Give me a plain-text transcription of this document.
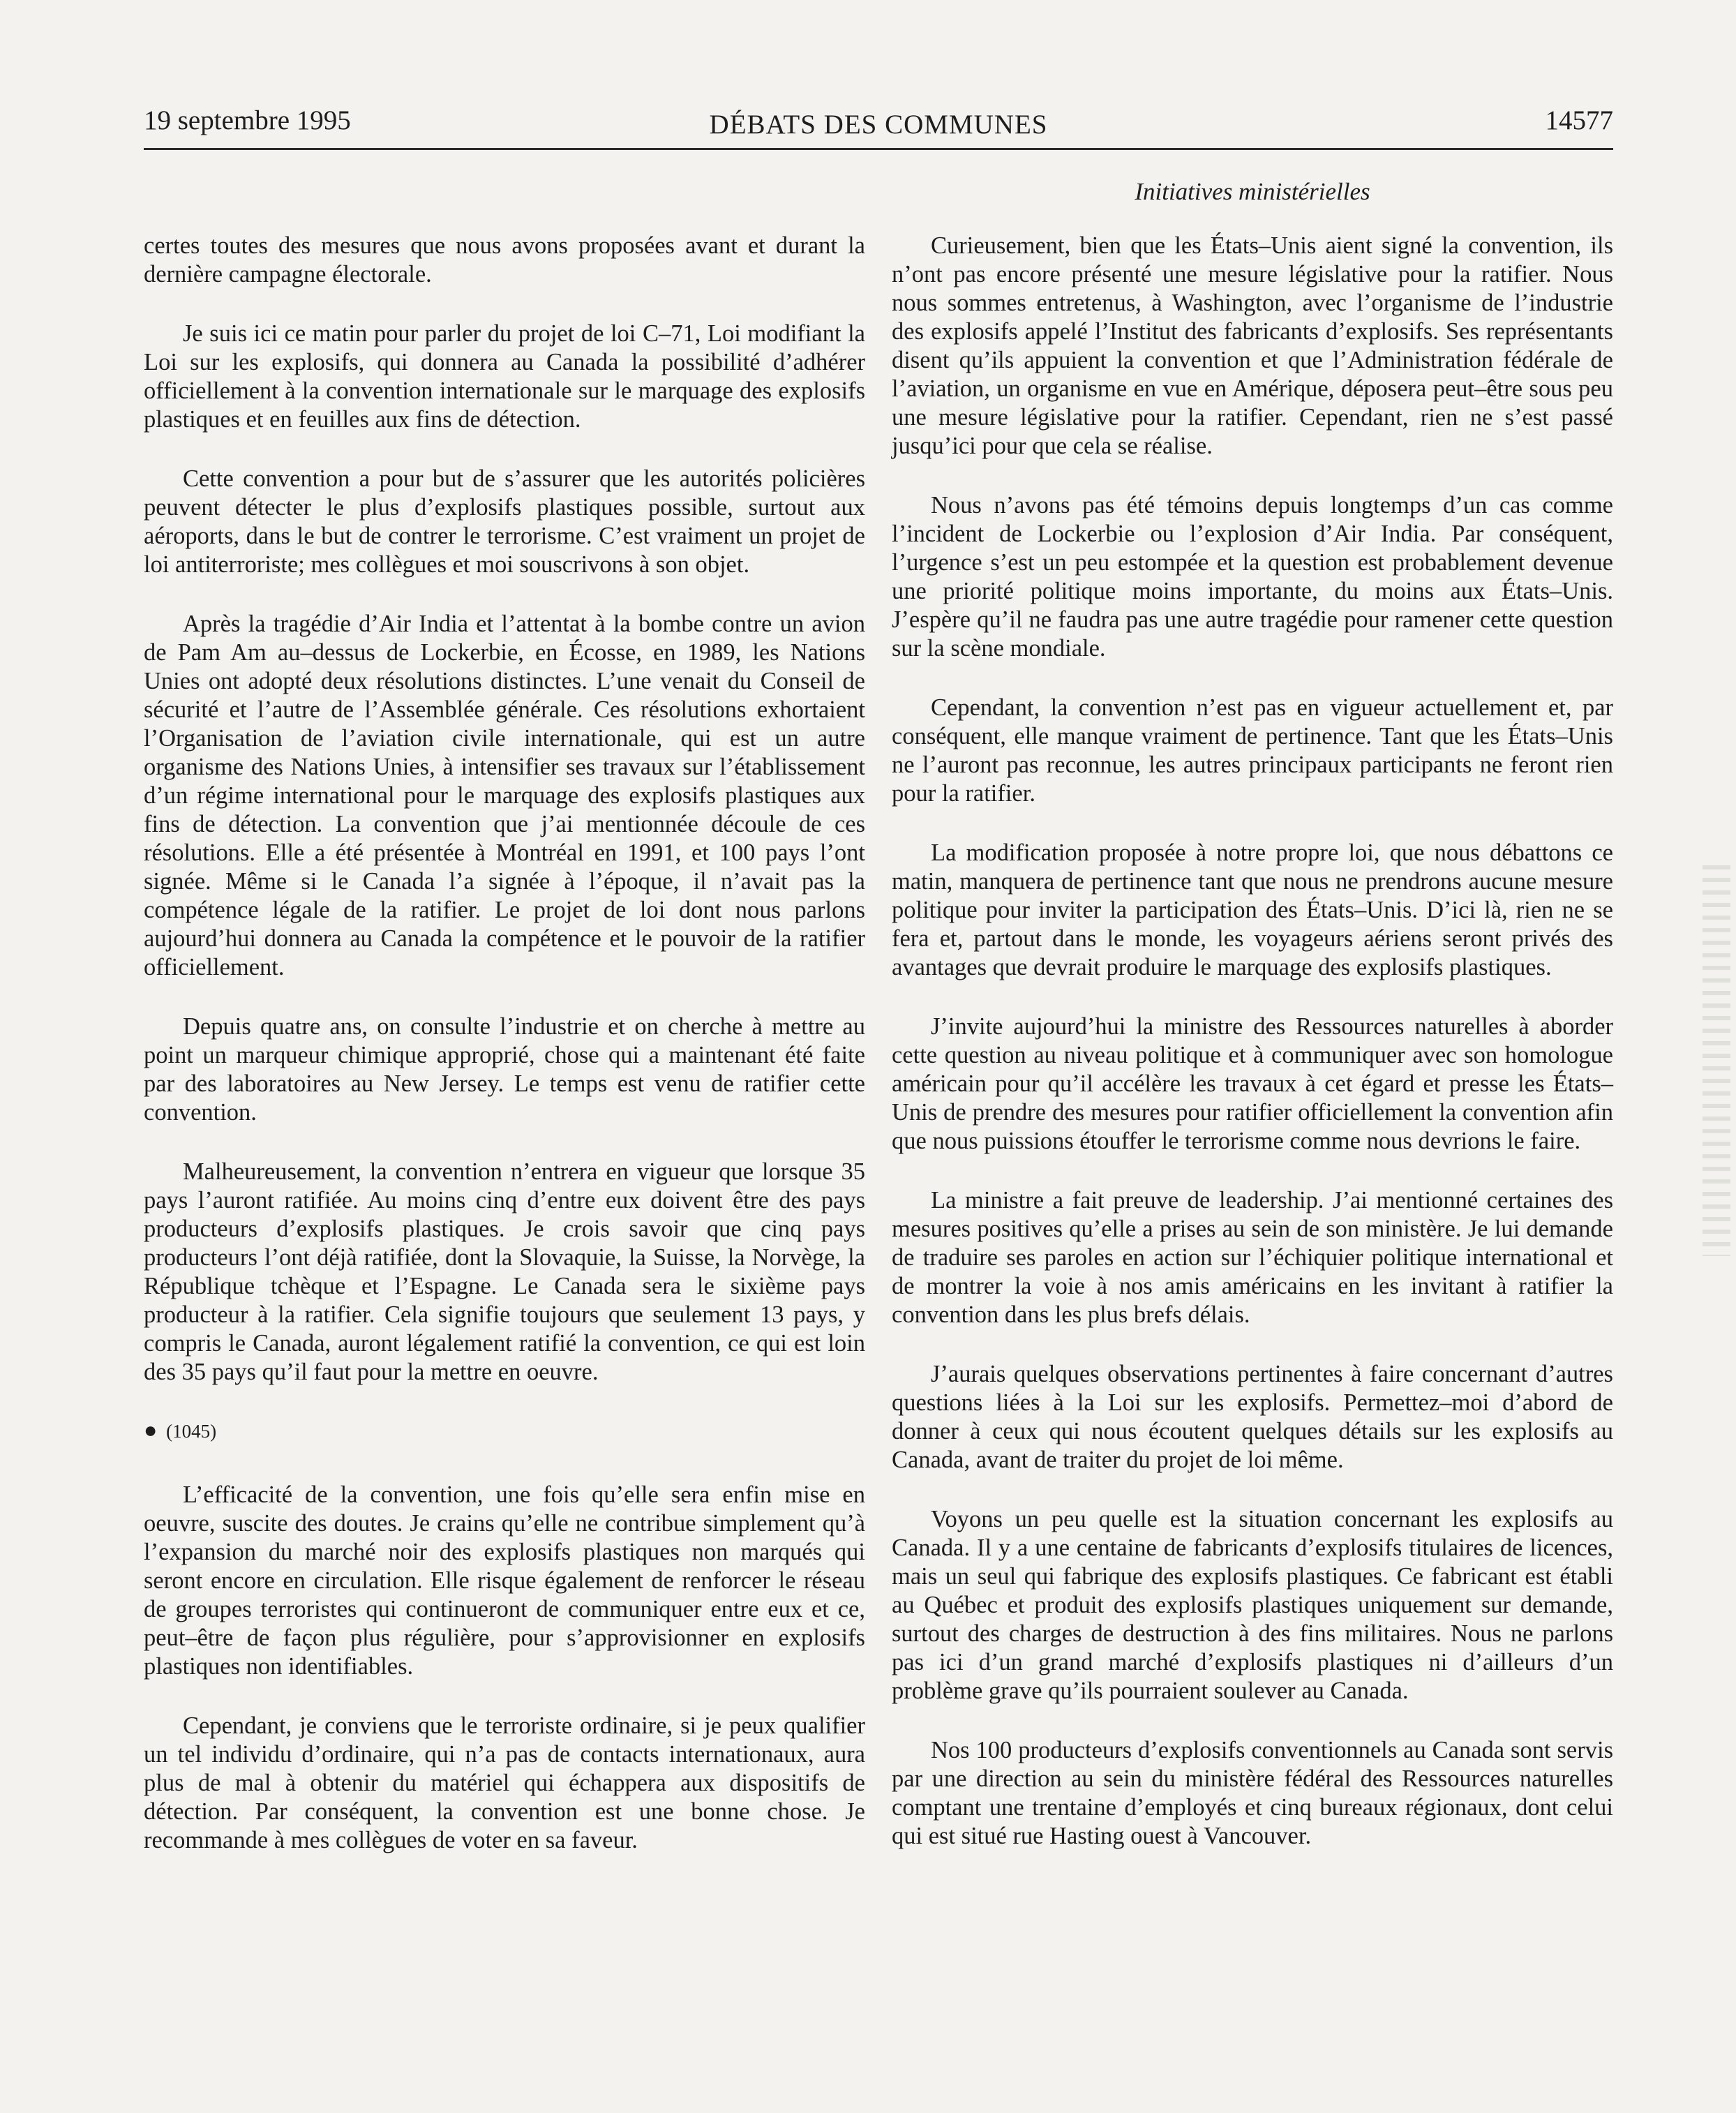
19 septembre 1995	DÉBATS DES COMMUNES	14577
Initiatives ministérielles

certes toutes des mesures que nous avons proposées avant et durant la dernière campagne électorale.

Je suis ici ce matin pour parler du projet de loi C–71, Loi modifiant la Loi sur les explosifs, qui donnera au Canada la possibilité d’adhérer officiellement à la convention internationale sur le marquage des explosifs plastiques et en feuilles aux fins de détection.

Cette convention a pour but de s’assurer que les autorités policières peuvent détecter le plus d’explosifs plastiques possible, surtout aux aéroports, dans le but de contrer le terrorisme. C’est vraiment un projet de loi antiterroriste; mes collègues et moi souscrivons à son objet.

Après la tragédie d’Air India et l’attentat à la bombe contre un avion de Pam Am au–dessus de Lockerbie, en Écosse, en 1989, les Nations Unies ont adopté deux résolutions distinctes. L’une venait du Conseil de sécurité et l’autre de l’Assemblée générale. Ces résolutions exhortaient l’Organisation de l’aviation civile internationale, qui est un autre organisme des Nations Unies, à intensifier ses travaux sur l’établissement d’un régime international pour le marquage des explosifs plastiques aux fins de détection. La convention que j’ai mentionnée découle de ces résolutions. Elle a été présentée à Montréal en 1991, et 100 pays l’ont signée. Même si le Canada l’a signée à l’époque, il n’avait pas la compétence légale de la ratifier. Le projet de loi dont nous parlons aujourd’hui donnera au Canada la compétence et le pouvoir de la ratifier officiellement.

Depuis quatre ans, on consulte l’industrie et on cherche à mettre au point un marqueur chimique approprié, chose qui a maintenant été faite par des laboratoires au New Jersey. Le temps est venu de ratifier cette convention.

Malheureusement, la convention n’entrera en vigueur que lorsque 35 pays l’auront ratifiée. Au moins cinq d’entre eux doivent être des pays producteurs d’explosifs plastiques. Je crois savoir que cinq pays producteurs l’ont déjà ratifiée, dont la Slovaquie, la Suisse, la Norvège, la République tchèque et l’Espagne. Le Canada sera le sixième pays producteur à la ratifier. Cela signifie toujours que seulement 13 pays, y compris le Canada, auront légalement ratifié la convention, ce qui est loin des 35 pays qu’il faut pour la mettre en oeuvre.

● (1045)

L’efficacité de la convention, une fois qu’elle sera enfin mise en oeuvre, suscite des doutes. Je crains qu’elle ne contribue simplement qu’à l’expansion du marché noir des explosifs plastiques non marqués qui seront encore en circulation. Elle risque également de renforcer le réseau de groupes terroristes qui continueront de communiquer entre eux et ce, peut–être de façon plus régulière, pour s’approvisionner en explosifs plastiques non identifiables.

Cependant, je conviens que le terroriste ordinaire, si je peux qualifier un tel individu d’ordinaire, qui n’a pas de contacts internationaux, aura plus de mal à obtenir du matériel qui échappera aux dispositifs de détection. Par conséquent, la convention est une bonne chose. Je recommande à mes collègues de voter en sa faveur.

Curieusement, bien que les États–Unis aient signé la convention, ils n’ont pas encore présenté une mesure législative pour la ratifier. Nous nous sommes entretenus, à Washington, avec l’organisme de l’industrie des explosifs appelé l’Institut des fabricants d’explosifs. Ses représentants disent qu’ils appuient la convention et que l’Administration fédérale de l’aviation, un organisme en vue en Amérique, déposera peut–être sous peu une mesure législative pour la ratifier. Cependant, rien ne s’est passé jusqu’ici pour que cela se réalise.

Nous n’avons pas été témoins depuis longtemps d’un cas comme l’incident de Lockerbie ou l’explosion d’Air India. Par conséquent, l’urgence s’est un peu estompée et la question est probablement devenue une priorité politique moins importante, du moins aux États–Unis. J’espère qu’il ne faudra pas une autre tragédie pour ramener cette question sur la scène mondiale.

Cependant, la convention n’est pas en vigueur actuellement et, par conséquent, elle manque vraiment de pertinence. Tant que les États–Unis ne l’auront pas reconnue, les autres principaux participants ne feront rien pour la ratifier.

La modification proposée à notre propre loi, que nous débattons ce matin, manquera de pertinence tant que nous ne prendrons aucune mesure politique pour inviter la participation des États–Unis. D’ici là, rien ne se fera et, partout dans le monde, les voyageurs aériens seront privés des avantages que devrait produire le marquage des explosifs plastiques.

J’invite aujourd’hui la ministre des Ressources naturelles à aborder cette question au niveau politique et à communiquer avec son homologue américain pour qu’il accélère les travaux à cet égard et presse les États–Unis de prendre des mesures pour ratifier officiellement la convention afin que nous puissions étouffer le terrorisme comme nous devrions le faire.

La ministre a fait preuve de leadership. J’ai mentionné certaines des mesures positives qu’elle a prises au sein de son ministère. Je lui demande de traduire ses paroles en action sur l’échiquier politique international et de montrer la voie à nos amis américains en les invitant à ratifier la convention dans les plus brefs délais.

J’aurais quelques observations pertinentes à faire concernant d’autres questions liées à la Loi sur les explosifs. Permettez–moi d’abord de donner à ceux qui nous écoutent quelques détails sur les explosifs au Canada, avant de traiter du projet de loi même.

Voyons un peu quelle est la situation concernant les explosifs au Canada. Il y a une centaine de fabricants d’explosifs titulaires de licences, mais un seul qui fabrique des explosifs plastiques. Ce fabricant est établi au Québec et produit des explosifs plastiques uniquement sur demande, surtout des charges de destruction à des fins militaires. Nous ne parlons pas ici d’un grand marché d’explosifs plastiques ni d’ailleurs d’un problème grave qu’ils pourraient soulever au Canada.

Nos 100 producteurs d’explosifs conventionnels au Canada sont servis par une direction au sein du ministère fédéral des Ressources naturelles comptant une trentaine d’employés et cinq bureaux régionaux, dont celui qui est situé rue Hasting ouest à Vancouver.
